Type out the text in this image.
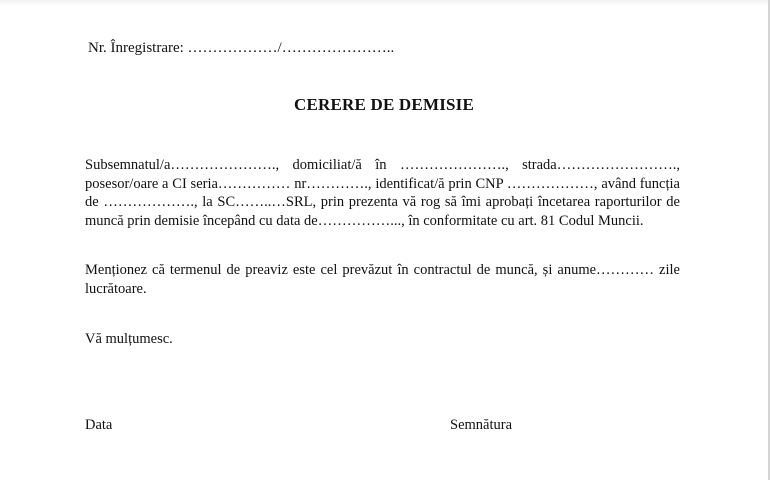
Nr. Înregistrare: ………………/…………………..
CERERE DE DEMISIE
Subsemnatul/a…………………., domiciliat/ă în …………………., strada……………………., posesor/oare a CI seria…………… nr…………., identificat/ă prin CNP ………………, având funcția de ………………., la SC……..…SRL, prin prezenta vă rog să îmi aprobați încetarea raporturilor de muncă prin demisie începând cu data de……………..., în conformitate cu art. 81 Codul Muncii.
Menționez că termenul de preaviz este cel prevăzut în contractul de muncă, și anume………… zile lucrătoare.
Vă mulțumesc.
Data	Semnătura
